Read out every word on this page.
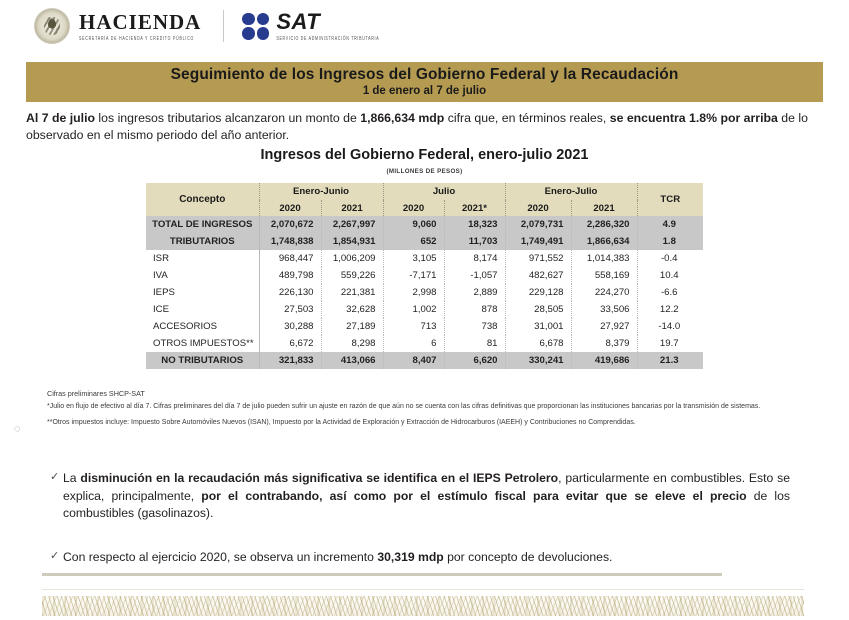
HACIENDA
SECRETARÍA DE HACIENDA Y CRÉDITO PÚBLICO
SAT
SERVICIO DE ADMINISTRACIÓN TRIBUTARIA
Seguimiento de los Ingresos del Gobierno Federal y la Recaudación
1 de enero al 7 de julio
Al 7 de julio los ingresos tributarios alcanzaron un monto de 1,866,634 mdp cifra que, en términos reales, se encuentra 1.8% por arriba de lo observado en el mismo periodo del año anterior.
Ingresos del Gobierno Federal, enero-julio 2021
(MILLONES DE PESOS)
Concepto	Enero-Junio		Julio		Enero-Julio		TCR
	2020	2021	2020	2021*	2020	2021	
TOTAL DE INGRESOS	2,070,672	2,267,997	9,060	18,323	2,079,731	2,286,320	4.9
TRIBUTARIOS	1,748,838	1,854,931	652	11,703	1,749,491	1,866,634	1.8
ISR	968,447	1,006,209	3,105	8,174	971,552	1,014,383	-0.4
IVA	489,798	559,226	-7,171	-1,057	482,627	558,169	10.4
IEPS	226,130	221,381	2,998	2,889	229,128	224,270	-6.6
ICE	27,503	32,628	1,002	878	28,505	33,506	12.2
ACCESORIOS	30,288	27,189	713	738	31,001	27,927	-14.0
OTROS IMPUESTOS**	6,672	8,298	6	81	6,678	8,379	19.7
NO TRIBUTARIOS	321,833	413,066	8,407	6,620	330,241	419,686	21.3
◌
Cifras preliminares SHCP-SAT
*Julio en flujo de efectivo al día 7. Cifras preliminares del día 7 de julio pueden sufrir un ajuste en razón de que aún no se cuenta con las cifras definitivas que proporcionan las instituciones bancarias por la transmisión de sistemas.
**Otros impuestos incluye: Impuesto Sobre Automóviles Nuevos (ISAN), Impuesto por la Actividad de Exploración y Extracción de Hidrocarburos (IAEEH) y Contribuciones no Comprendidas.
✓ La disminución en la recaudación más significativa se identifica en el IEPS Petrolero, particularmente en combustibles. Esto se explica, principalmente, por el contrabando, así como por el estímulo fiscal para evitar que se eleve el precio de los combustibles (gasolinazos).
✓ Con respecto al ejercicio 2020, se observa un incremento 30,319 mdp por concepto de devoluciones.
